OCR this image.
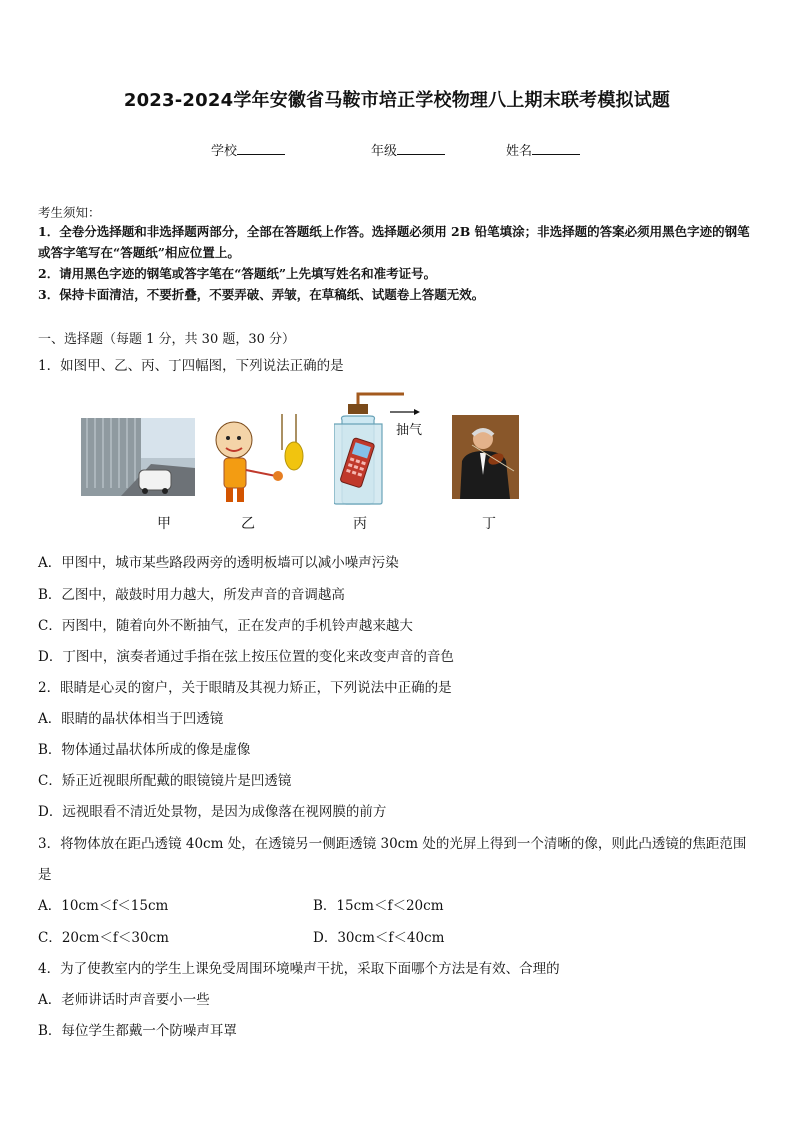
2023-2024学年安徽省马鞍市培正学校物理八上期末联考模拟试题
学校	年级	姓名
考生须知：
1．全卷分选择题和非选择题两部分，全部在答题纸上作答。选择题必须用 2B 铅笔填涂；非选择题的答案必须用黑色字迹的钢笔或答字笔写在“答题纸”相应位置上。
2．请用黑色字迹的钢笔或答字笔在“答题纸”上先填写姓名和准考证号。
3．保持卡面清洁，不要折叠，不要弄破、弄皱，在草稿纸、试题卷上答题无效。
一、选择题（每题 1 分，共 30 题，30 分）
1．如图甲、乙、丙、丁四幅图，下列说法正确的是
抽气
甲	乙	丙	丁
A．甲图中，城市某些路段两旁的透明板墙可以减小噪声污染
B．乙图中，敲鼓时用力越大，所发声音的音调越高
C．丙图中，随着向外不断抽气，正在发声的手机铃声越来越大
D．丁图中，演奏者通过手指在弦上按压位置的变化来改变声音的音色
2．眼睛是心灵的窗户，关于眼睛及其视力矫正，下列说法中正确的是
A．眼睛的晶状体相当于凹透镜
B．物体通过晶状体所成的像是虚像
C．矫正近视眼所配戴的眼镜镜片是凹透镜
D．远视眼看不清近处景物，是因为成像落在视网膜的前方
3．将物体放在距凸透镜 40cm 处，在透镜另一侧距透镜 30cm 处的光屏上得到一个清晰的像，则此凸透镜的焦距范围
是
A．10cm＜f＜15cm	B．15cm＜f＜20cm
C．20cm＜f＜30cm	D．30cm＜f＜40cm
4．为了使教室内的学生上课免受周围环境噪声干扰，采取下面哪个方法是有效、合理的
A．老师讲话时声音要小一些
B．每位学生都戴一个防噪声耳罩
